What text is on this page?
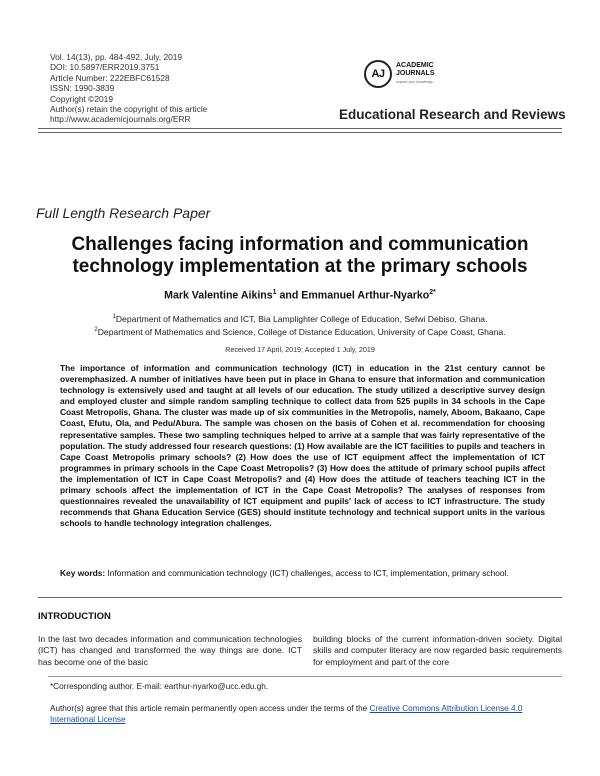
Vol. 14(13), pp. 484-492, July, 2019
DOI: 10.5897/ERR2019.3751
Article Number: 222EBFC61528
ISSN: 1990-3839
Copyright ©2019
Author(s) retain the copyright of this article
http://www.academicjournals.org/ERR
AJ
ACADEMIC
JOURNALS
expand your knowledge
Educational Research and Reviews
Full Length Research Paper
Challenges facing information and communication technology implementation at the primary schools
Mark Valentine Aikins$^1$ and Emmanuel Arthur-Nyarko$^{2*}$
$^1$Department of Mathematics and ICT, Bia Lamplighter College of Education, Sefwi Debiso, Ghana.
$^2$Department of Mathematics and Science, College of Distance Education, University of Cape Coast, Ghana.
Received 17 April, 2019; Accepted 1 July, 2019
The importance of information and communication technology (ICT) in education in the 21st century cannot be overemphasized. A number of initiatives have been put in place in Ghana to ensure that information and communication technology is extensively used and taught at all levels of our education. The study utilized a descriptive survey design and employed cluster and simple random sampling technique to collect data from 525 pupils in 34 schools in the Cape Coast Metropolis, Ghana. The cluster was made up of six communities in the Metropolis, namely, Aboom, Bakaano, Cape Coast, Efutu, Ola, and Pedu/Abura. The sample was chosen on the basis of Cohen et al. recommendation for choosing representative samples. These two sampling techniques helped to arrive at a sample that was fairly representative of the population. The study addressed four research questions: (1) How available are the ICT facilities to pupils and teachers in Cape Coast Metropolis primary schools? (2) How does the use of ICT equipment affect the implementation of ICT programmes in primary schools in the Cape Coast Metropolis? (3) How does the attitude of primary school pupils affect the implementation of ICT in Cape Coast Metropolis? and (4) How does the attitude of teachers teaching ICT in the primary schools affect the implementation of ICT in the Cape Coast Metropolis? The analyses of responses from questionnaires revealed the unavailability of ICT equipment and pupils' lack of access to ICT infrastructure. The study recommends that Ghana Education Service (GES) should institute technology and technical support units in the various schools to handle technology integration challenges.
Key words: Information and communication technology (ICT) challenges, access to ICT, implementation, primary school.
INTRODUCTION
In the last two decades information and communication technologies (ICT) has changed and transformed the way things are done. ICT has become one of the basic
building blocks of the current information-driven society. Digital skills and computer literacy are now regarded basic requirements for employment and part of the core
*Corresponding author. E-mail: earthur-nyarko@ucc.edu.gh.
Author(s) agree that this article remain permanently open access under the terms of the Creative Commons Attribution License 4.0 International License
